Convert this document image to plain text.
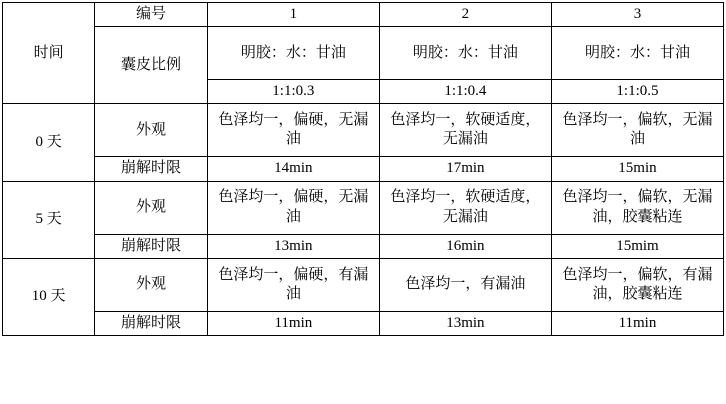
时间	编号	1	2	3

	囊皮比例	明胶：水：甘油	明胶：水：甘油	明胶：水：甘油

		1:1:0.3	1:1:0.4	1:1:0.5

0 天	外观	色泽均一，偏硬，无漏油	色泽均一，软硬适度，无漏油	色泽均一，偏软，无漏油

	崩解时限	14min	17min	15min

5 天	外观	色泽均一，偏硬，无漏油	色泽均一，软硬适度，无漏油	色泽均一，偏软，无漏油，胶囊粘连

	崩解时限	13min	16min	15mim

10 天	外观	色泽均一，偏硬，有漏油	色泽均一，有漏油	色泽均一，偏软，有漏油，胶囊粘连

	崩解时限	11min	13min	11min
